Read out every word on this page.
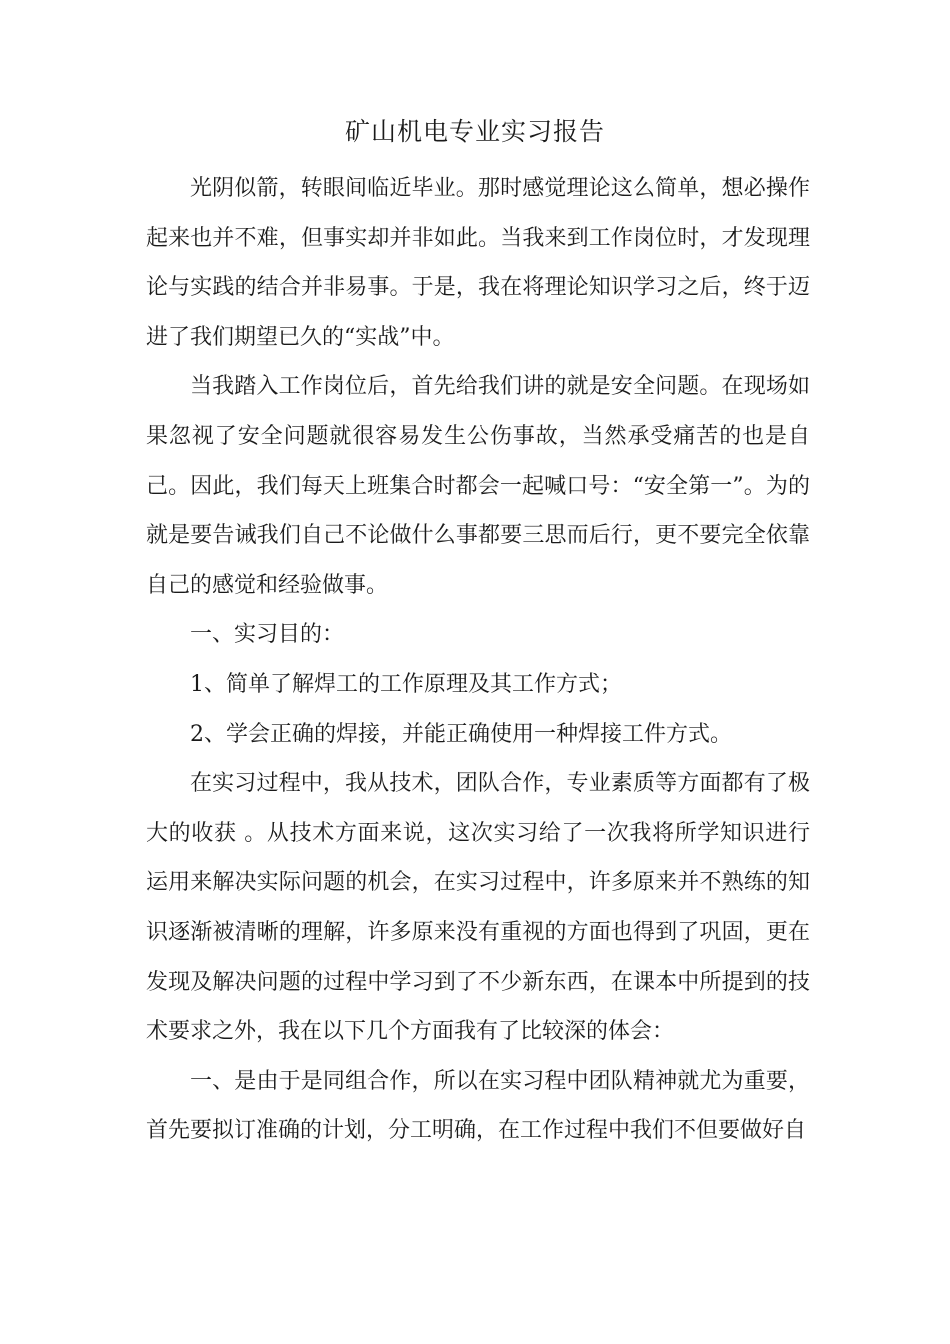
矿山机电专业实习报告

光阴似箭，转眼间临近毕业。那时感觉理论这么简单，想必操作起来也并不难，但事实却并非如此。当我来到工作岗位时，才发现理论与实践的结合并非易事。于是，我在将理论知识学习之后，终于迈进了我们期望已久的“实战”中。

当我踏入工作岗位后，首先给我们讲的就是安全问题。在现场如果忽视了安全问题就很容易发生公伤事故，当然承受痛苦的也是自己。因此，我们每天上班集合时都会一起喊口号：“安全第一”。为的就是要告诫我们自己不论做什么事都要三思而后行，更不要完全依靠自己的感觉和经验做事。

一、实习目的：

1、简单了解焊工的工作原理及其工作方式；

2、学会正确的焊接，并能正确使用一种焊接工件方式。

在实习过程中，我从技术，团队合作，专业素质等方面都有了极大的收获 。从技术方面来说，这次实习给了一次我将所学知识进行运用来解决实际问题的机会，在实习过程中，许多原来并不熟练的知识逐渐被清晰的理解，许多原来没有重视的方面也得到了巩固，更在发现及解决问题的过程中学习到了不少新东西，在课本中所提到的技术要求之外，我在以下几个方面我有了比较深的体会：

一、是由于是同组合作，所以在实习程中团队精神就尤为重要，首先要拟订准确的计划，分工明确，在工作过程中我们不但要做好自
